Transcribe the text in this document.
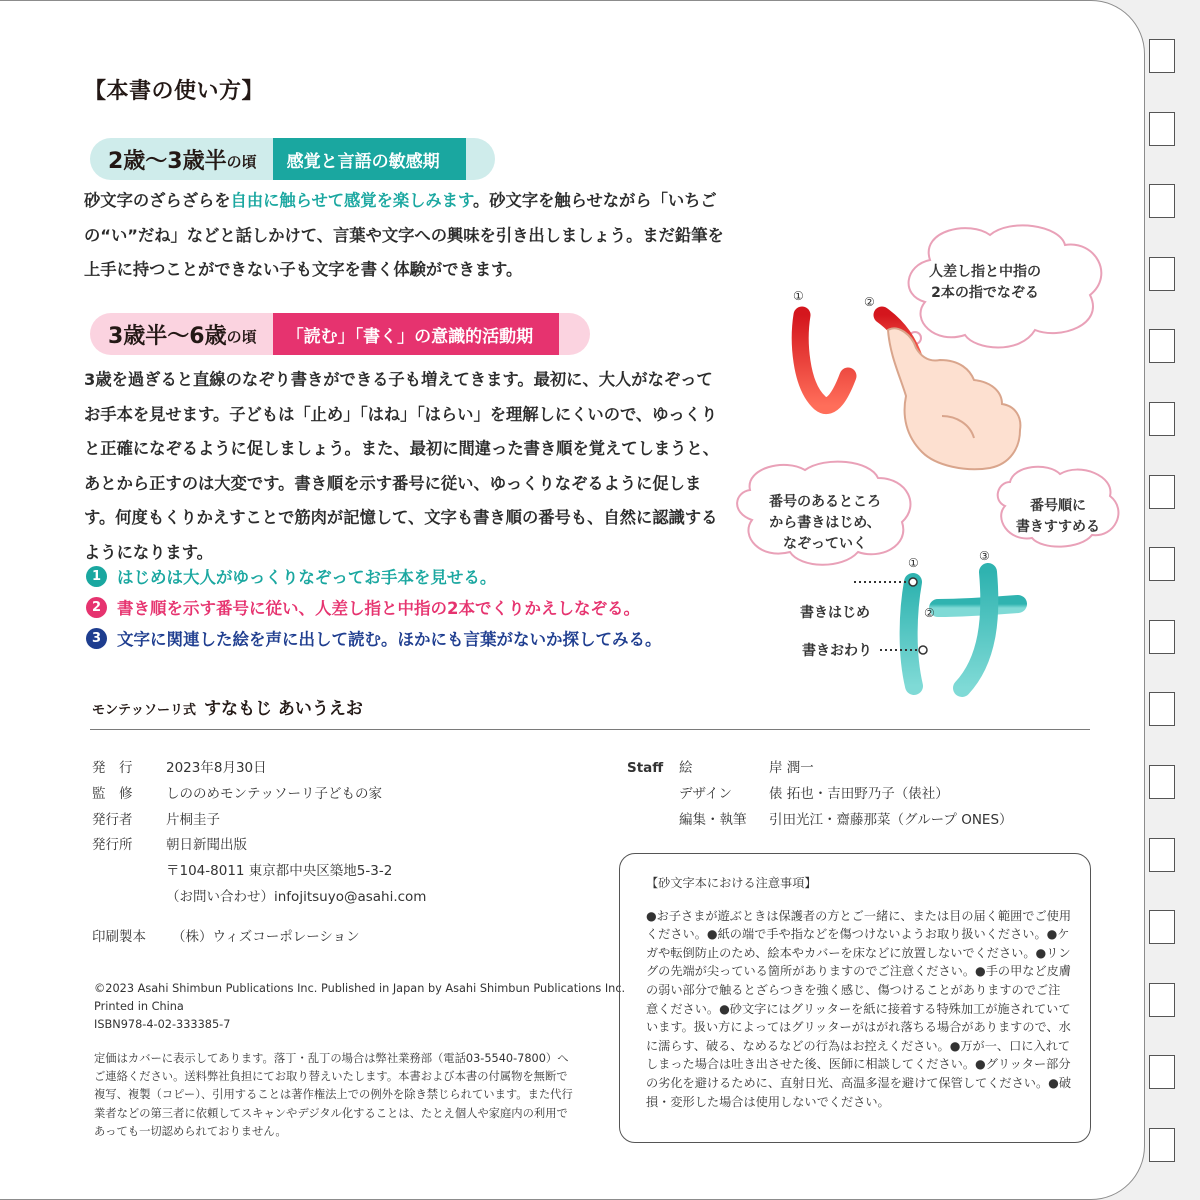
【本書の使い方】
2歳～3歳半 の頃	感覚と言語の敏感期
砂文字のざらざらを自由に触らせて感覚を楽しみます。砂文字を触らせながら「いちごの“い”だね」などと話しかけて、言葉や文字への興味を引き出しましょう。まだ鉛筆を上手に持つことができない子も文字を書く体験ができます。
3歳半～6歳 の頃	「読む」「書く」の意識的活動期
3歳を過ぎると直線のなぞり書きができる子も増えてきます。最初に、大人がなぞってお手本を見せます。子どもは「止め」「はね」「はらい」を理解しにくいので、ゆっくりと正確になぞるように促しましょう。また、最初に間違った書き順を覚えてしまうと、あとから正すのは大変です。書き順を示す番号に従い、ゆっくりなぞるように促します。何度もくりかえすことで筋肉が記憶して、文字も書き順の番号も、自然に認識するようになります。
1 はじめは大人がゆっくりなぞってお手本を見せる。
2 書き順を示す番号に従い、人差し指と中指の2本でくりかえしなぞる。
3 文字に関連した絵を声に出して読む。ほかにも言葉がないか探してみる。
①	②
①
②
③
人差し指と中指の
2本の指でなぞる
番号のあるところ
から書きはじめ、
なぞっていく
番号順に
書きすすめる
書きはじめ
書きおわり
モンテッソーリ式 すなもじ あいうえお
発　行	2023年8月30日
監　修	しののめモンテッソーリ子どもの家
発行者	片桐圭子
発行所	朝日新聞出版
〒104-8011 東京都中央区築地5-3-2
（お問い合わせ）infojitsuyo@asahi.com
印刷製本	（株）ウィズコーポレーション
Staff	絵	岸 潤一
デザイン	俵 拓也・吉田野乃子（俵社）
編集・執筆	引田光江・齋藤那菜（グループ ONES）
©2023 Asahi Shimbun Publications Inc. Published in Japan by Asahi Shimbun Publications Inc.
Printed in China
ISBN978-4-02-333385-7
定価はカバーに表示してあります。落丁・乱丁の場合は弊社業務部（電話03-5540-7800）へご連絡ください。送料弊社負担にてお取り替えいたします。本書および本書の付属物を無断で複写、複製（コピー）、引用することは著作権法上での例外を除き禁じられています。また代行業者などの第三者に依頼してスキャンやデジタル化することは、たとえ個人や家庭内の利用であっても一切認められておりません。
【砂文字本における注意事項】
●お子さまが遊ぶときは保護者の方とご一緒に、または目の届く範囲でご使用ください。●紙の端で手や指などを傷つけないようお取り扱いください。●ケガや転倒防止のため、絵本やカバーを床などに放置しないでください。●リングの先端が尖っている箇所がありますのでご注意ください。●手の甲など皮膚の弱い部分で触るとざらつきを強く感じ、傷つけることがありますのでご注意ください。●砂文字にはグリッターを紙に接着する特殊加工が施されていています。扱い方によってはグリッターがはがれ落ちる場合がありますので、水に濡らす、破る、なめるなどの行為はお控えください。●万が一、口に入れてしまった場合は吐き出させた後、医師に相談してください。●グリッター部分の劣化を避けるために、直射日光、高温多湿を避けて保管してください。●破損・変形した場合は使用しないでください。
